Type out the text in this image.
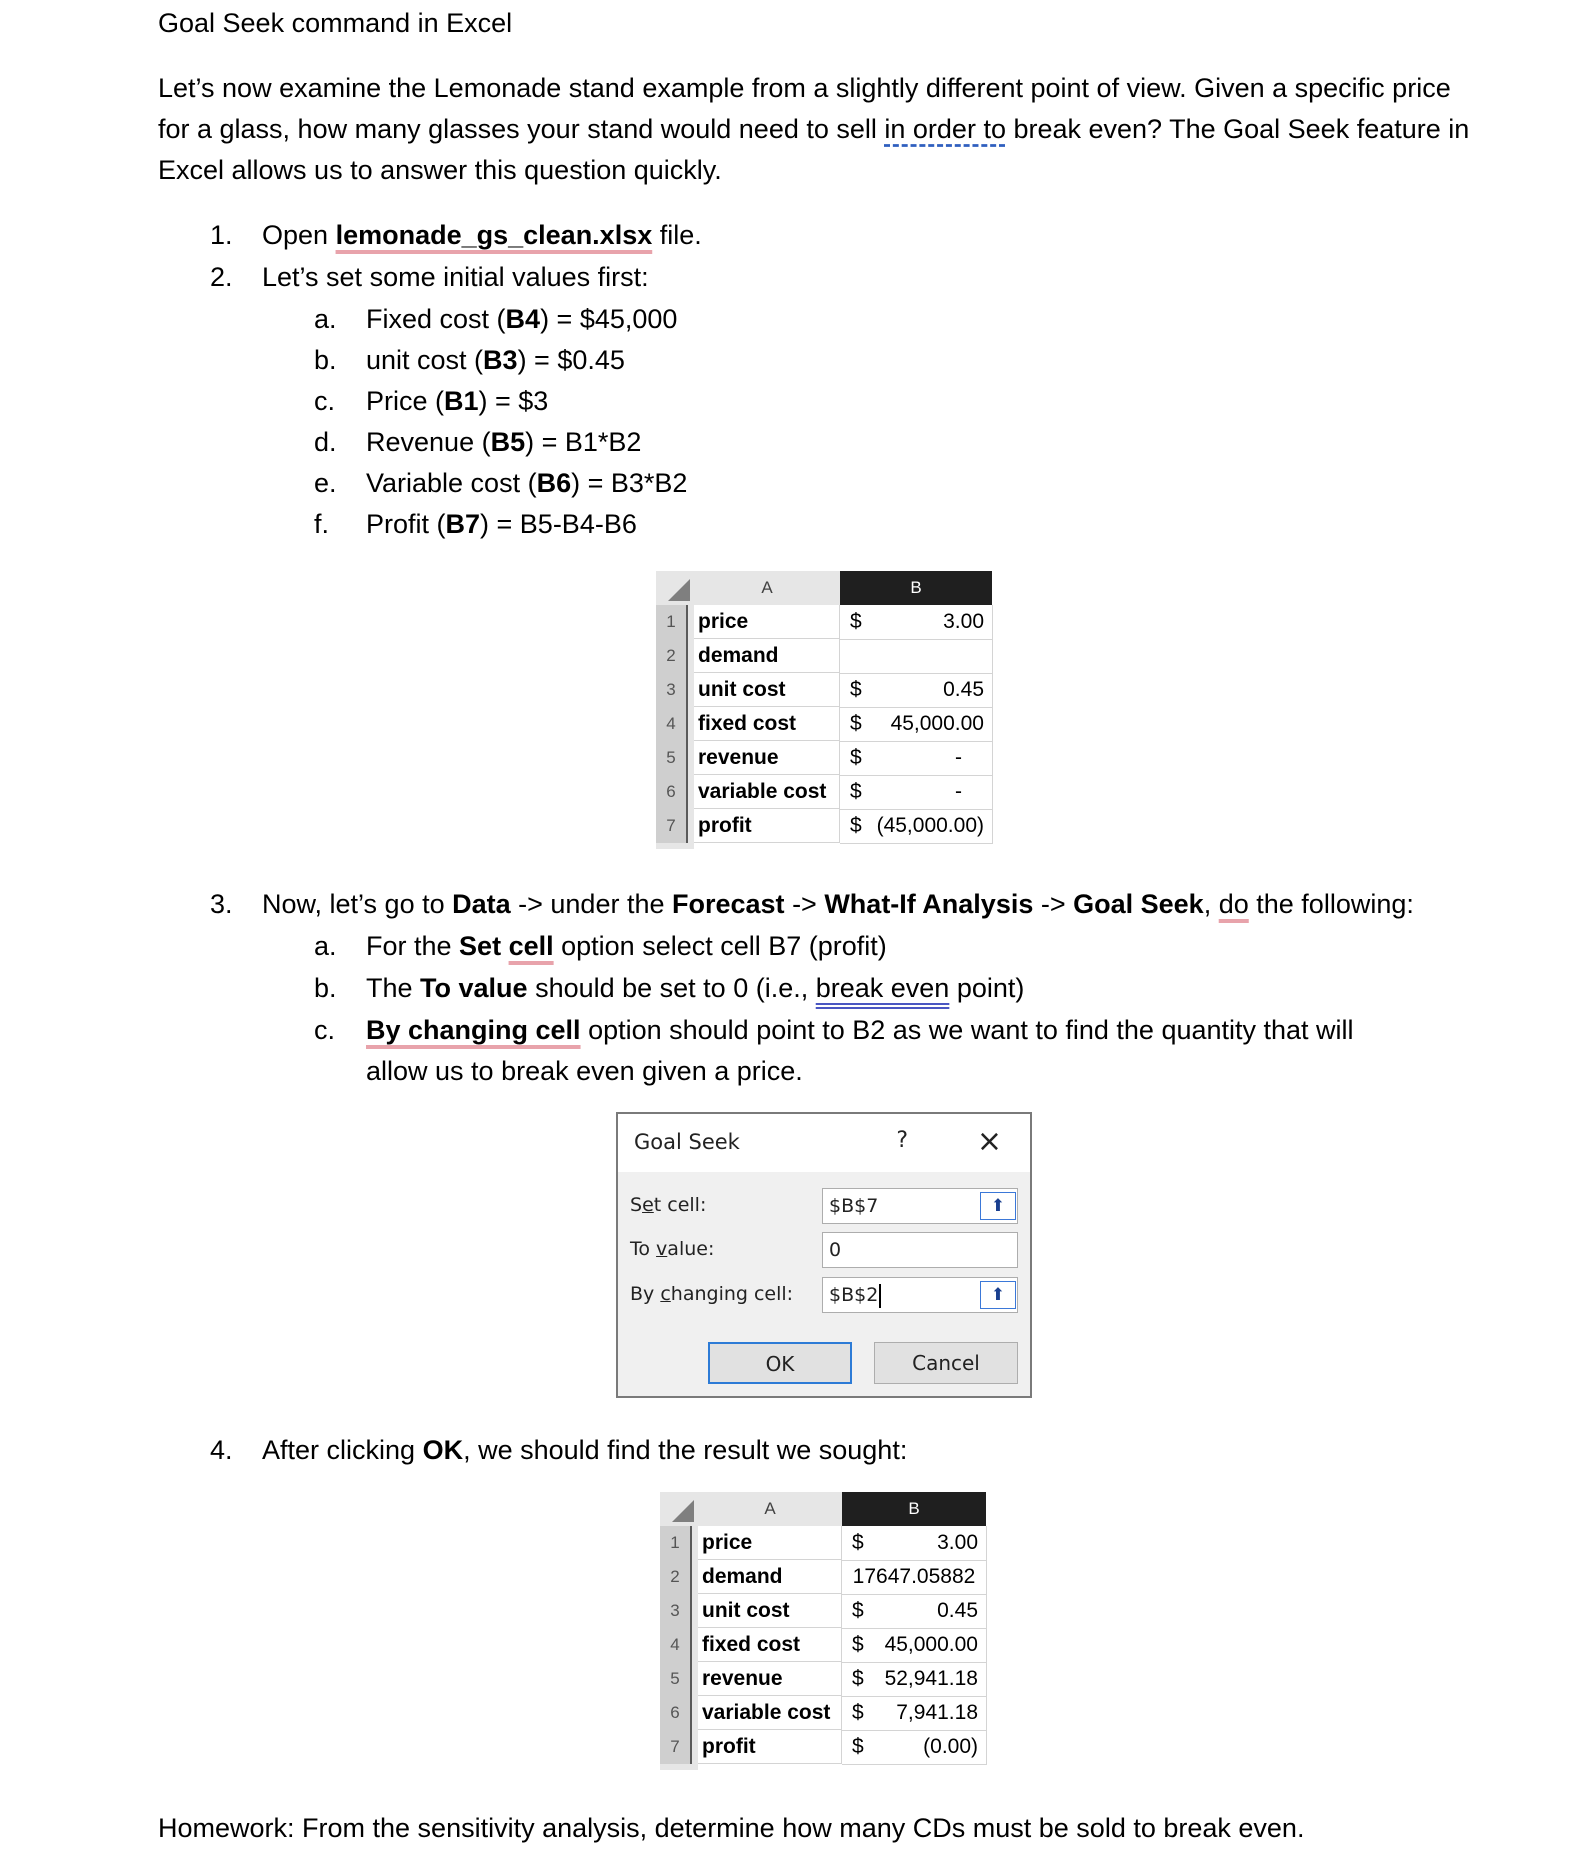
Goal Seek command in Excel
Let’s now examine the Lemonade stand example from a slightly different point of view. Given a specific price for a glass, how many glasses your stand would need to sell in order to break even? The Goal Seek feature in Excel allows us to answer this question quickly.
1. Open lemonade_gs_clean.xlsx file.
2. Let’s set some initial values first:
a. Fixed cost (B4) = $45,000
b. unit cost (B3) = $0.45
c. Price (B1) = $3
d. Revenue (B5) = B1*B2
e. Variable cost (B6) = B3*B2
f. Profit (B7) = B5-B4-B6
A	B
1	price	$	3.00
2	demand
3	unit cost	$	0.45
4	fixed cost	$ 45,000.00
5	revenue	$	-
6	variable cost	$	-
7	profit	$ (45,000.00)
3. Now, let’s go to Data -> under the Forecast -> What-If Analysis -> Goal Seek, do the following:
a. For the Set cell option select cell B7 (profit)
b. The To value should be set to 0 (i.e., break even point)
c. By changing cell option should point to B2 as we want to find the quantity that will
allow us to break even given a price.
4. After clicking OK, we should find the result we sought:
A	B
1	price	$	3.00
2	demand	17647.05882
3	unit cost	$	0.45
4	fixed cost	$ 45,000.00
5	revenue	$ 52,941.18
6	variable cost	$ 7,941.18
7	profit	$	(0.00)
Homework: From the sensitivity analysis, determine how many CDs must be sold to break even.
Goal Seek	? ×
Set cell:	$B$7	⬆
To value:	0
By changing cell:	$B$2	⬆
OK	Cancel
